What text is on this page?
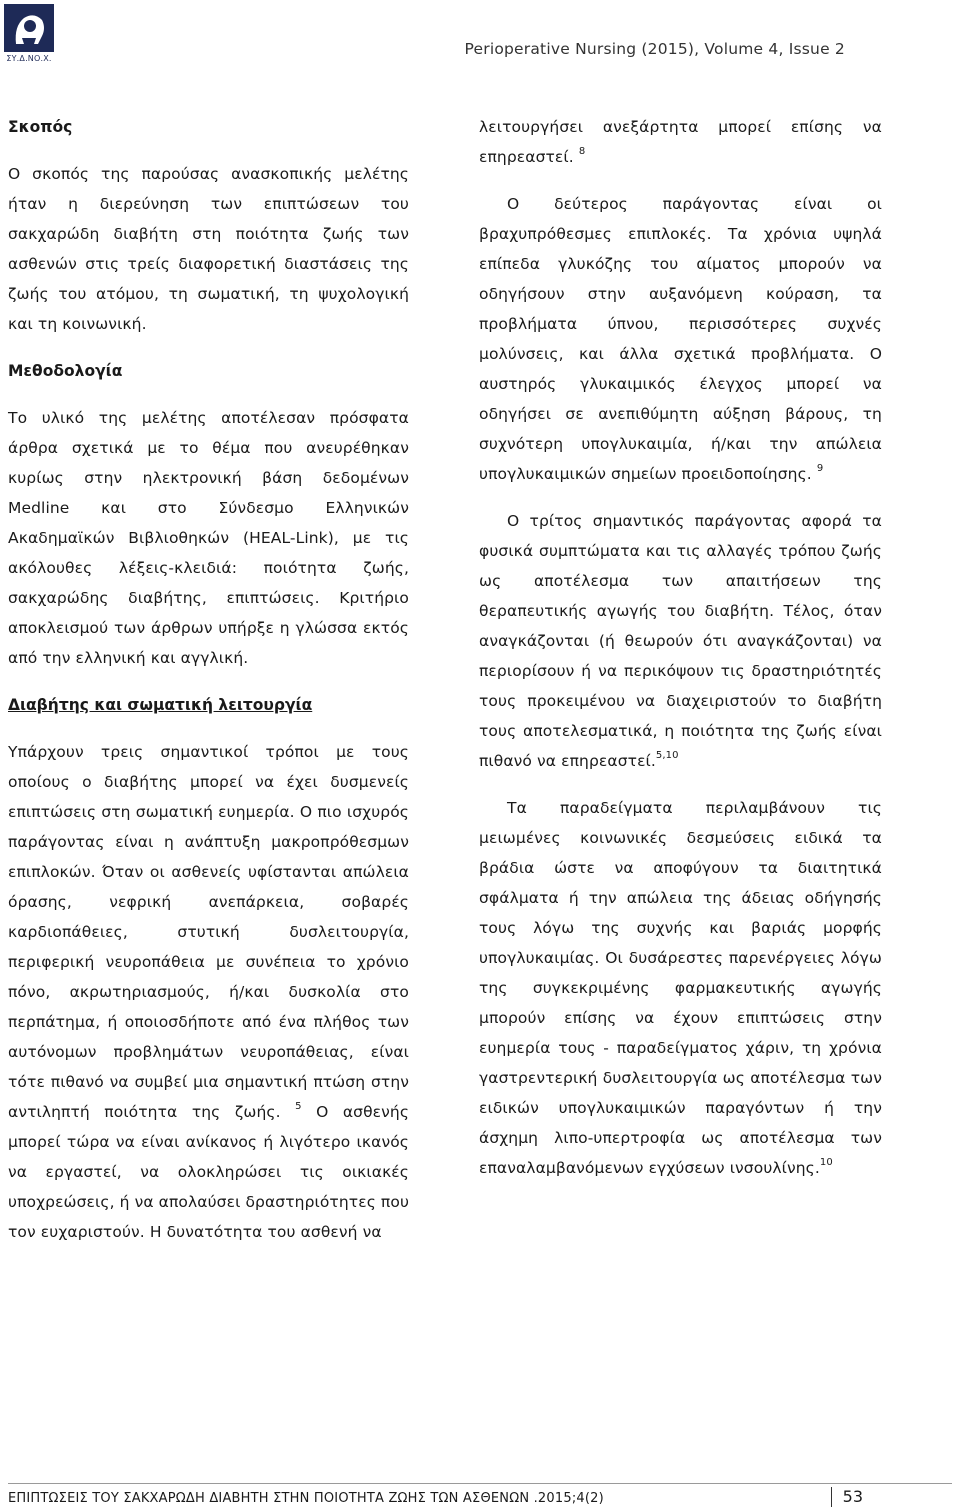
ΣΥ.Δ.ΝΟ.Χ.
Perioperative Nursing (2015), Volume 4, Issue 2

Σκοπός

Ο σκοπός της παρούσας ανασκοπικής μελέτης ήταν η διερεύνηση των επιπτώσεων του σακχαρώδη διαβήτη στη ποιότητα ζωής των ασθενών στις τρείς διαφορετική διαστάσεις της ζωής του ατόμου, τη σωματική, τη ψυχολογική και τη κοινωνική.

Μεθοδολογία

Το υλικό της μελέτης αποτέλεσαν πρόσφατα άρθρα σχετικά με το θέμα που ανευρέθηκαν κυρίως στην ηλεκτρονική βάση δεδομένων Medline και στο Σύνδεσμο Ελληνικών Ακαδημαϊκών Βιβλιοθηκών (HEAL-Link), με τις ακόλουθες λέξεις-κλειδιά: ποιότητα ζωής, σακχαρώδης διαβήτης, επιπτώσεις. Κριτήριο αποκλεισμού των άρθρων υπήρξε η γλώσσα εκτός από την ελληνική και αγγλική.

Διαβήτης και σωματική λειτουργία

Υπάρχουν τρεις σημαντικοί τρόποι με τους οποίους ο διαβήτης μπορεί να έχει δυσμενείς επιπτώσεις στη σωματική ευημερία. Ο πιο ισχυρός παράγοντας είναι η ανάπτυξη μακροπρόθεσμων επιπλοκών. Όταν οι ασθενείς υφίστανται απώλεια όρασης, νεφρική ανεπάρκεια, σοβαρές καρδιοπάθειες, στυτική δυσλειτουργία, περιφερική νευροπάθεια με συνέπεια το χρόνιο πόνο, ακρωτηριασμούς, ή/και δυσκολία στο περπάτημα, ή οποιοσδήποτε από ένα πλήθος των αυτόνομων προβλημάτων νευροπάθειας, είναι τότε πιθανό να συμβεί μια σημαντική πτώση στην αντιληπτή ποιότητα της ζωής. $^5$ Ο ασθενής μπορεί τώρα να είναι ανίκανος ή λιγότερο ικανός να εργαστεί, να ολοκληρώσει τις οικιακές υποχρεώσεις, ή να απολαύσει δραστηριότητες που τον ευχαριστούν. Η δυνατότητα του ασθενή να

λειτουργήσει ανεξάρτητα μπορεί επίσης να επηρεαστεί. $^8$

Ο δεύτερος παράγοντας είναι οι βραχυπρόθεσμες επιπλοκές. Τα χρόνια υψηλά επίπεδα γλυκόζης του αίματος μπορούν να οδηγήσουν στην αυξανόμενη κούραση, τα προβλήματα ύπνου, περισσότερες συχνές μολύνσεις, και άλλα σχετικά προβλήματα. Ο αυστηρός γλυκαιμικός έλεγχος μπορεί να οδηγήσει σε ανεπιθύμητη αύξηση βάρους, τη συχνότερη υπογλυκαιμία, ή/και την απώλεια υπογλυκαιμικών σημείων προειδοποίησης. $^9$

Ο τρίτος σημαντικός παράγοντας αφορά τα φυσικά συμπτώματα και τις αλλαγές τρόπου ζωής ως αποτέλεσμα των απαιτήσεων της θεραπευτικής αγωγής του διαβήτη. Τέλος, όταν αναγκάζονται (ή θεωρούν ότι αναγκάζονται) να περιορίσουν ή να περικόψουν τις δραστηριότητές τους προκειμένου να διαχειριστούν το διαβήτη τους αποτελεσματικά, η ποιότητα της ζωής είναι πιθανό να επηρεαστεί.$^{5,10}$

Τα παραδείγματα περιλαμβάνουν τις μειωμένες κοινωνικές δεσμεύσεις ειδικά τα βράδια ώστε να αποφύγουν τα διαιτητικά σφάλματα ή την απώλεια της άδειας οδήγησής τους λόγω της συχνής και βαριάς μορφής υπογλυκαιμίας. Οι δυσάρεστες παρενέργειες λόγω της συγκεκριμένης φαρμακευτικής αγωγής μπορούν επίσης να έχουν επιπτώσεις στην ευημερία τους - παραδείγματος χάριν, τη χρόνια γαστρεντερική δυσλειτουργία ως αποτέλεσμα των ειδικών υπογλυκαιμικών παραγόντων ή την άσχημη λιπο-υπερτροφία ως αποτέλεσμα των επαναλαμβανόμενων εγχύσεων ινσουλίνης.$^{10}$

ΕΠΙΠΤΩΣΕΙΣ ΤΟΥ ΣΑΚΧΑΡΩΔΗ ΔΙΑΒΗΤΗ ΣΤΗΝ ΠΟΙΟΤΗΤΑ ΖΩΗΣ ΤΩΝ ΑΣΘΕΝΩΝ .2015;4(2)	53
